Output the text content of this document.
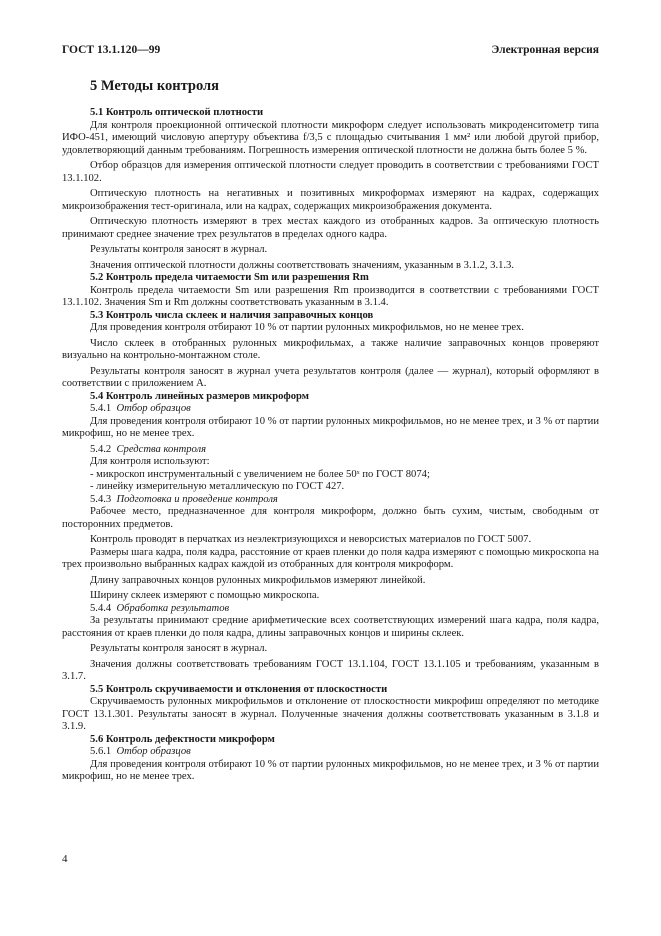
ГОСТ 13.1.120—99	Электронная версия
5 Методы контроля

5.1 Контроль оптической плотности

Для контроля проекционной оптической плотности микроформ следует использовать микроденситометр типа ИФО-451, имеющий числовую апертуру объектива f/3,5 с площадью считывания 1 мм² или любой другой прибор, удовлетворяющий данным требованиям. Погрешность измерения оптической плотности не должна быть более 5 %.

Отбор образцов для измерения оптической плотности следует проводить в соответствии с требованиями ГОСТ 13.1.102.

Оптическую плотность на негативных и позитивных микроформах измеряют на кадрах, содержащих микроизображения тест-оригинала, или на кадрах, содержащих микроизображения документа.

Оптическую плотность измеряют в трех местах каждого из отобранных кадров. За оптическую плотность принимают среднее значение трех результатов в пределах одного кадра.

Результаты контроля заносят в журнал.

Значения оптической плотности должны соответствовать значениям, указанным в 3.1.2, 3.1.3.

5.2 Контроль предела читаемости Sm или разрешения Rm

Контроль предела читаемости Sm или разрешения Rm производится в соответствии с требованиями ГОСТ 13.1.102. Значения Sm и Rm должны соответствовать указанным в 3.1.4.

5.3 Контроль числа склеек и наличия заправочных концов

Для проведения контроля отбирают 10 % от партии рулонных микрофильмов, но не менее трех.

Число склеек в отобранных рулонных микрофильмах, а также наличие заправочных концов проверяют визуально на контрольно-монтажном столе.

Результаты контроля заносят в журнал учета результатов контроля (далее — журнал), который оформляют в соответствии с приложением А.

5.4 Контроль линейных размеров микроформ

5.4.1 Отбор образцов

Для проведения контроля отбирают 10 % от партии рулонных микрофильмов, но не менее трех, и 3 % от партии микрофиш, но не менее трех.

5.4.2 Средства контроля

Для контроля используют:

- микроскоп инструментальный с увеличением не более 50ˣ по ГОСТ 8074;

- линейку измерительную металлическую по ГОСТ 427.

5.4.3 Подготовка и проведение контроля

Рабочее место, предназначенное для контроля микроформ, должно быть сухим, чистым, свободным от посторонних предметов.

Контроль проводят в перчатках из неэлектризующихся и неворсистых материалов по ГОСТ 5007.

Размеры шага кадра, поля кадра, расстояние от краев пленки до поля кадра измеряют с помощью микроскопа на трех произвольно выбранных кадрах каждой из отобранных для контроля микроформ.

Длину заправочных концов рулонных микрофильмов измеряют линейкой.

Ширину склеек измеряют с помощью микроскопа.

5.4.4 Обработка результатов

За результаты принимают средние арифметические всех соответствующих измерений шага кадра, поля кадра, расстояния от краев пленки до поля кадра, длины заправочных концов и ширины склеек.

Результаты контроля заносят в журнал.

Значения должны соответствовать требованиям ГОСТ 13.1.104, ГОСТ 13.1.105 и требованиям, указанным в 3.1.7.

5.5 Контроль скручиваемости и отклонения от плоскостности

Скручиваемость рулонных микрофильмов и отклонение от плоскостности микрофиш определяют по методике ГОСТ 13.1.301. Результаты заносят в журнал. Полученные значения должны соответствовать указанным в 3.1.8 и 3.1.9.

5.6 Контроль дефектности микроформ

5.6.1 Отбор образцов

Для проведения контроля отбирают 10 % от партии рулонных микрофильмов, но не менее трех, и 3 % от партии микрофиш, но не менее трех.

4
